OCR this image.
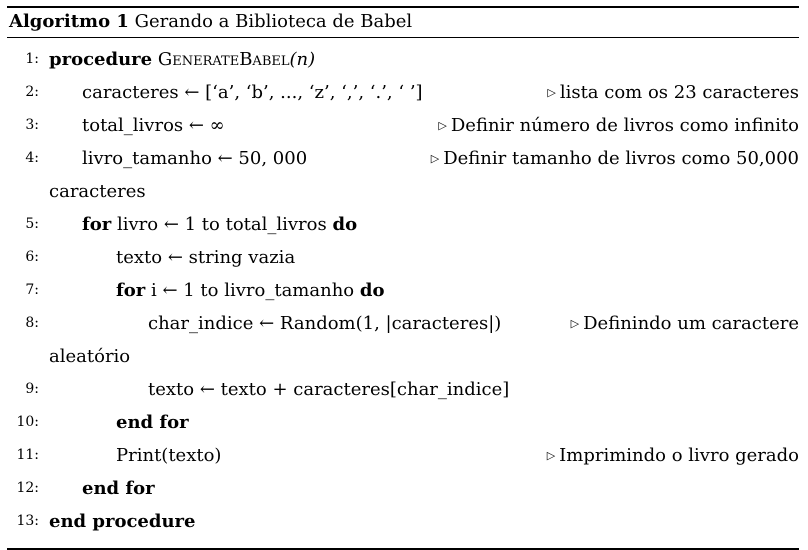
Algoritmo 1 Gerando a Biblioteca de Babel
1: procedure GenerateBabel(n)
2: caracteres ← [‘a’, ‘b’, ..., ‘z’, ‘,’, ‘.’, ‘ ’]	▷ lista com os 23 caracteres
3: total_livros ← ∞	▷ Definir número de livros como infinito
4: livro_tamanho ← 50, 000	▷ Definir tamanho de livros como 50,000
caracteres
5: for livro ← 1 to total_livros do
6:	texto ← string vazia
7:	for i ← 1 to livro_tamanho do
8:	char_indice ← Random(1, |caracteres|)	▷ Definindo um caractere
aleatório
9:	texto ← texto + caracteres[char_indice]
10:	end for
11:	Print(texto)	▷ Imprimindo o livro gerado
12: end for
13: end procedure
